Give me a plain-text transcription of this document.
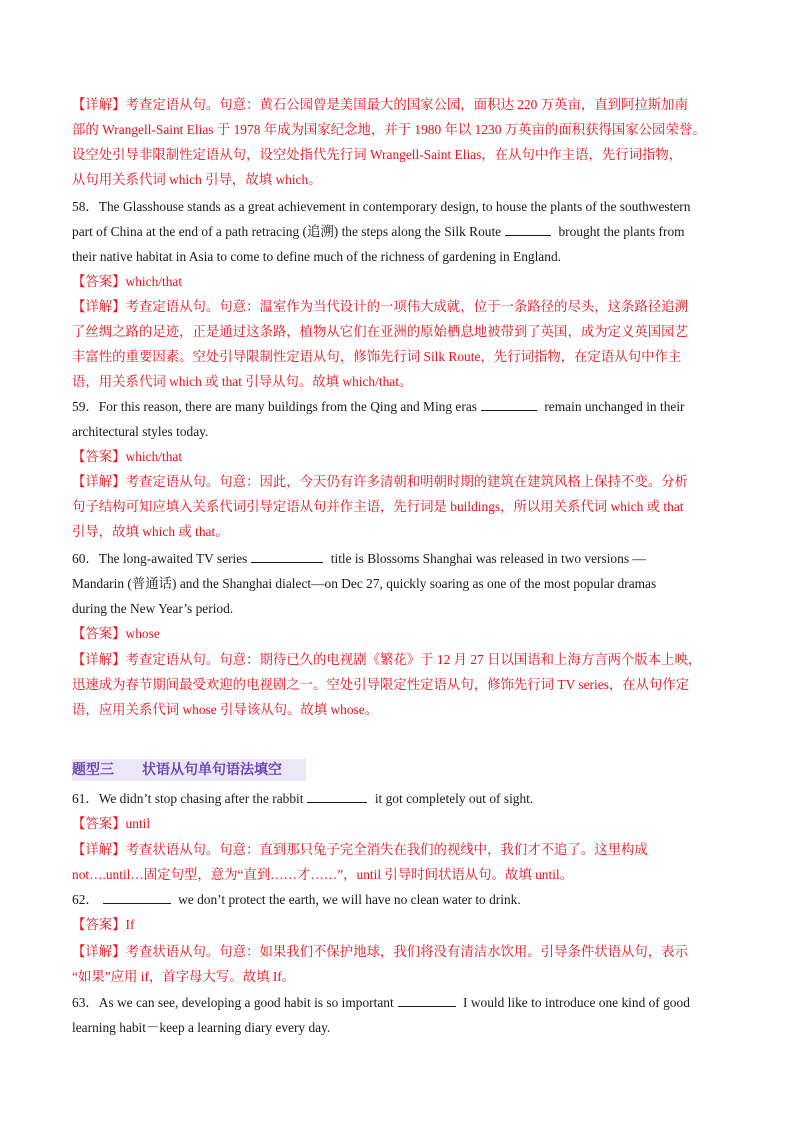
【详解】考查定语从句。句意：黄石公园曾是美国最大的国家公园，面积达 220 万英亩，直到阿拉斯加南
部的 Wrangell-Saint Elias 于 1978 年成为国家纪念地，并于 1980 年以 1230 万英亩的面积获得国家公园荣誉。
设空处引导非限制性定语从句，设空处指代先行词 Wrangell-Saint Elias，在从句中作主语，先行词指物，
从句用关系代词 which 引导，故填 which。
58．The Glasshouse stands as a great achievement in contemporary design, to house the plants of the southwestern
part of China at the end of a path retracing (追溯) the steps along the Silk Route	brought the plants from
their native habitat in Asia to come to define much of the richness of gardening in England.
【答案】which/that
【详解】考查定语从句。句意：温室作为当代设计的一项伟大成就，位于一条路径的尽头，这条路径追溯
了丝绸之路的足迹，正是通过这条路，植物从它们在亚洲的原始栖息地被带到了英国，成为定义英国园艺
丰富性的重要因素。空处引导限制性定语从句，修饰先行词 Silk Route，先行词指物，在定语从句中作主
语，用关系代词 which 或 that 引导从句。故填 which/that。
59．For this reason, there are many buildings from the Qing and Ming eras	remain unchanged in their
architectural styles today.
【答案】which/that
【详解】考查定语从句。句意：因此，今天仍有许多清朝和明朝时期的建筑在建筑风格上保持不变。分析
句子结构可知应填入关系代词引导定语从句并作主语，先行词是 buildings，所以用关系代词 which 或 that
引导，故填 which 或 that。
60．The long-awaited TV series	title is Blossoms Shanghai was released in two versions —
Mandarin (普通话) and the Shanghai dialect—on Dec 27, quickly soaring as one of the most popular dramas
during the New Year’s period.
【答案】whose
【详解】考查定语从句。句意：期待已久的电视剧《繁花》于 12 月 27 日以国语和上海方言两个版本上映，
迅速成为春节期间最受欢迎的电视剧之一。空处引导限定性定语从句，修饰先行词 TV series，在从句作定
语，应用关系代词 whose 引导该从句。故填 whose。
61．We didn’t stop chasing after the rabbit	it got completely out of sight.
【答案】until
【详解】考查状语从句。句意：直到那只兔子完全消失在我们的视线中，我们才不追了。这里构成
not….until…固定句型，意为“直到……才……”，until 引导时间状语从句。故填 until。
62．	we don’t protect the earth, we will have no clean water to drink.
【答案】If
【详解】考查状语从句。句意：如果我们不保护地球，我们将没有清洁水饮用。引导条件状语从句，表示
“如果”应用 if，首字母大写。故填 If。
63．As we can see, developing a good habit is so important	I would like to introduce one kind of good
learning habit－keep a learning diary every day.
题型三 状语从句单句语法填空
